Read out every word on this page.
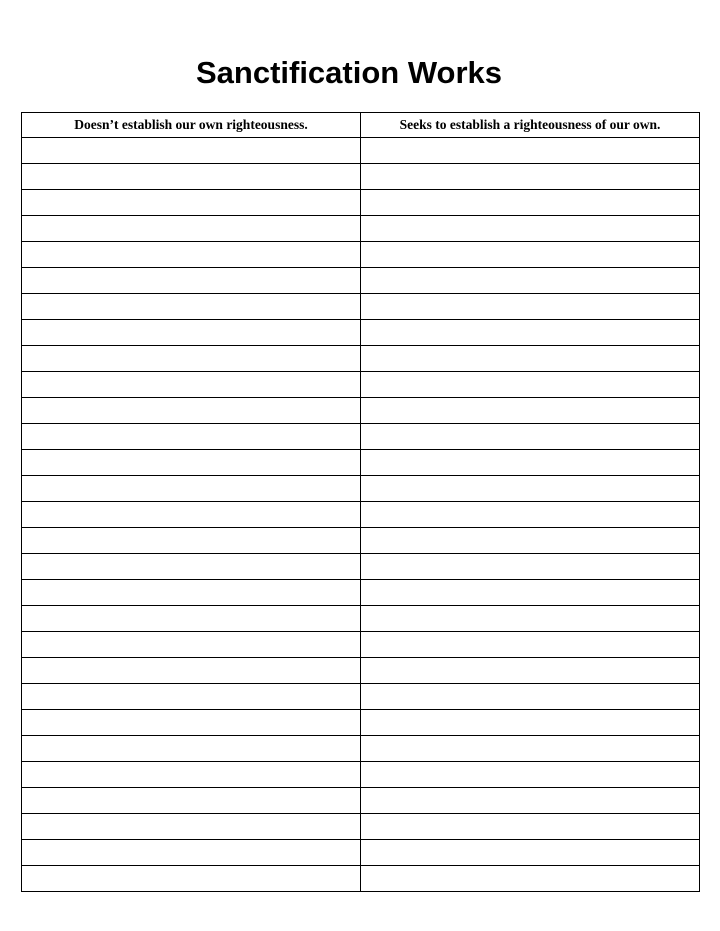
Sanctification Works
Doesn’t establish our own righteousness.	Seeks to establish a righteousness of our own.
